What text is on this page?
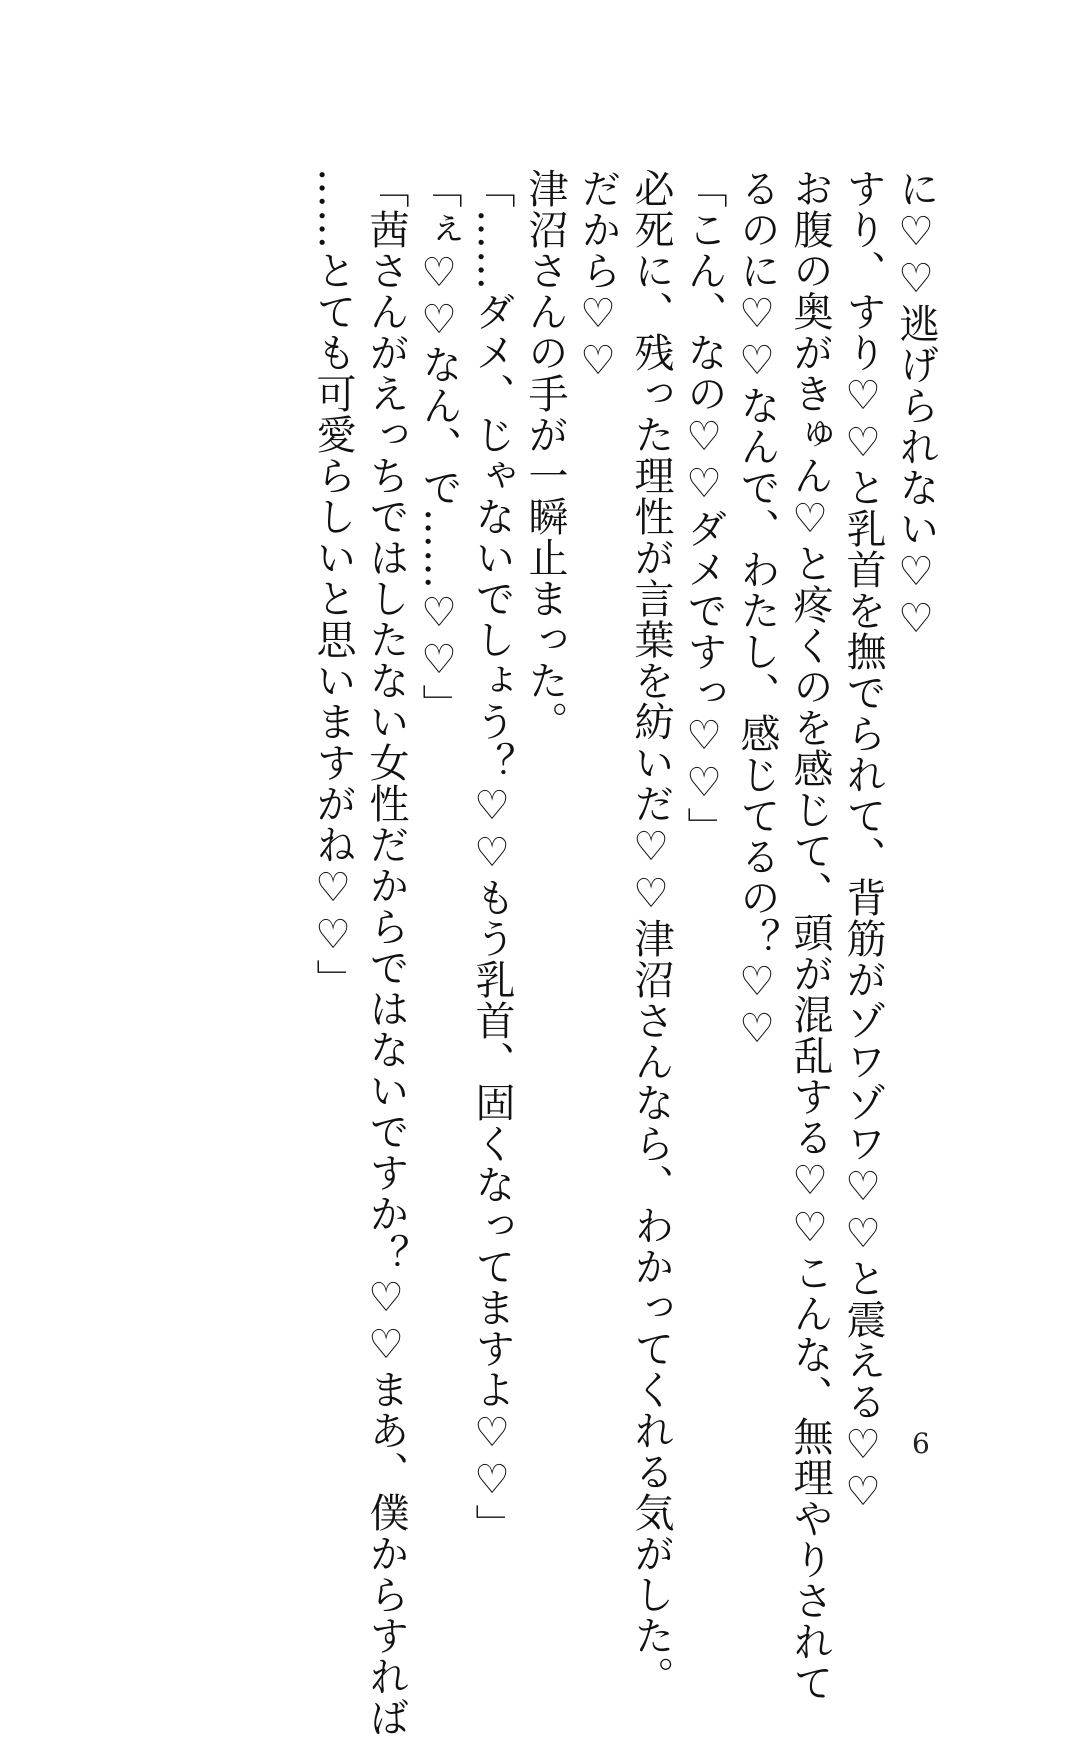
に♡♡逃げられない♡♡
すり、すり♡♡と乳首を撫でられて、背筋がゾワゾワ♡♡と震える♡♡
お腹の奥がきゅん♡と疼くのを感じて、頭が混乱する♡♡こんな、無理やりされて
るのに♡♡なんで、わたし、感じてるの？♡♡
「こん、なの♡♡ダメですっ♡♡」
必死に、残った理性が言葉を紡いだ♡♡津沼さんなら、わかってくれる気がした。
だから♡♡
津沼さんの手が一瞬止まった。
「……ダメ、じゃないでしょう？♡♡もう乳首、固くなってますよ♡♡」
「ぇ♡♡なん、で……♡♡」
「茜さんがえっちではしたない女性だからではないですか？♡♡まあ、僕からすれば
……とても可愛らしいと思いますがね♡♡」
6
